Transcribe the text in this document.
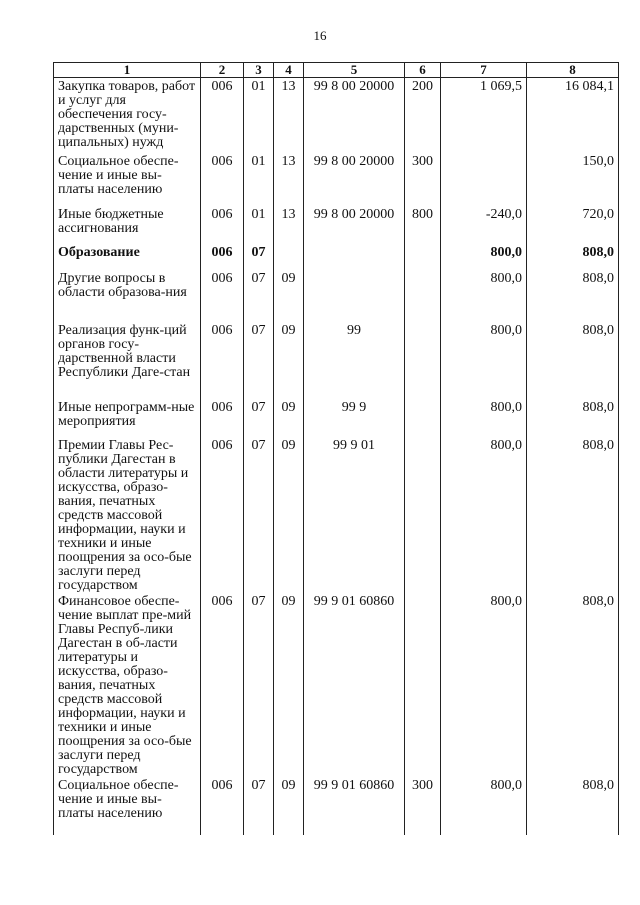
16
1	2	3	4	5	6	7	8
Закупка товаров, работ и услуг для обеспечения госу-дарственных (муни-ципальных) нужд	006	01	13	99 8 00 20000	200	1 069,5	16 084,1
Социальное обеспе-чение и иные вы-платы населению	006	01	13	99 8 00 20000	300		150,0
Иные бюджетные ассигнования	006	01	13	99 8 00 20000	800	-240,0	720,0
Образование	006	07				800,0	808,0
Другие вопросы в области образова-ния	006	07	09			800,0	808,0
Реализация функ-ций органов госу-дарственной власти Республики Даге-стан	006	07	09	99		800,0	808,0
Иные непрограмм-ные мероприятия	006	07	09	99 9		800,0	808,0
Премии Главы Рес-публики Дагестан в области литературы и искусства, образо-вания, печатных средств массовой информации, науки и техники и иные поощрения за осо-бые заслуги перед государством	006	07	09	99 9 01		800,0	808,0
Финансовое обеспе-чение выплат пре-мий Главы Респуб-лики Дагестан в об-ласти литературы и искусства, образо-вания, печатных средств массовой информации, науки и техники и иные поощрения за осо-бые заслуги перед государством	006	07	09	99 9 01 60860		800,0	808,0
Социальное обеспе-чение и иные вы-платы населению	006	07	09	99 9 01 60860	300	800,0	808,0
